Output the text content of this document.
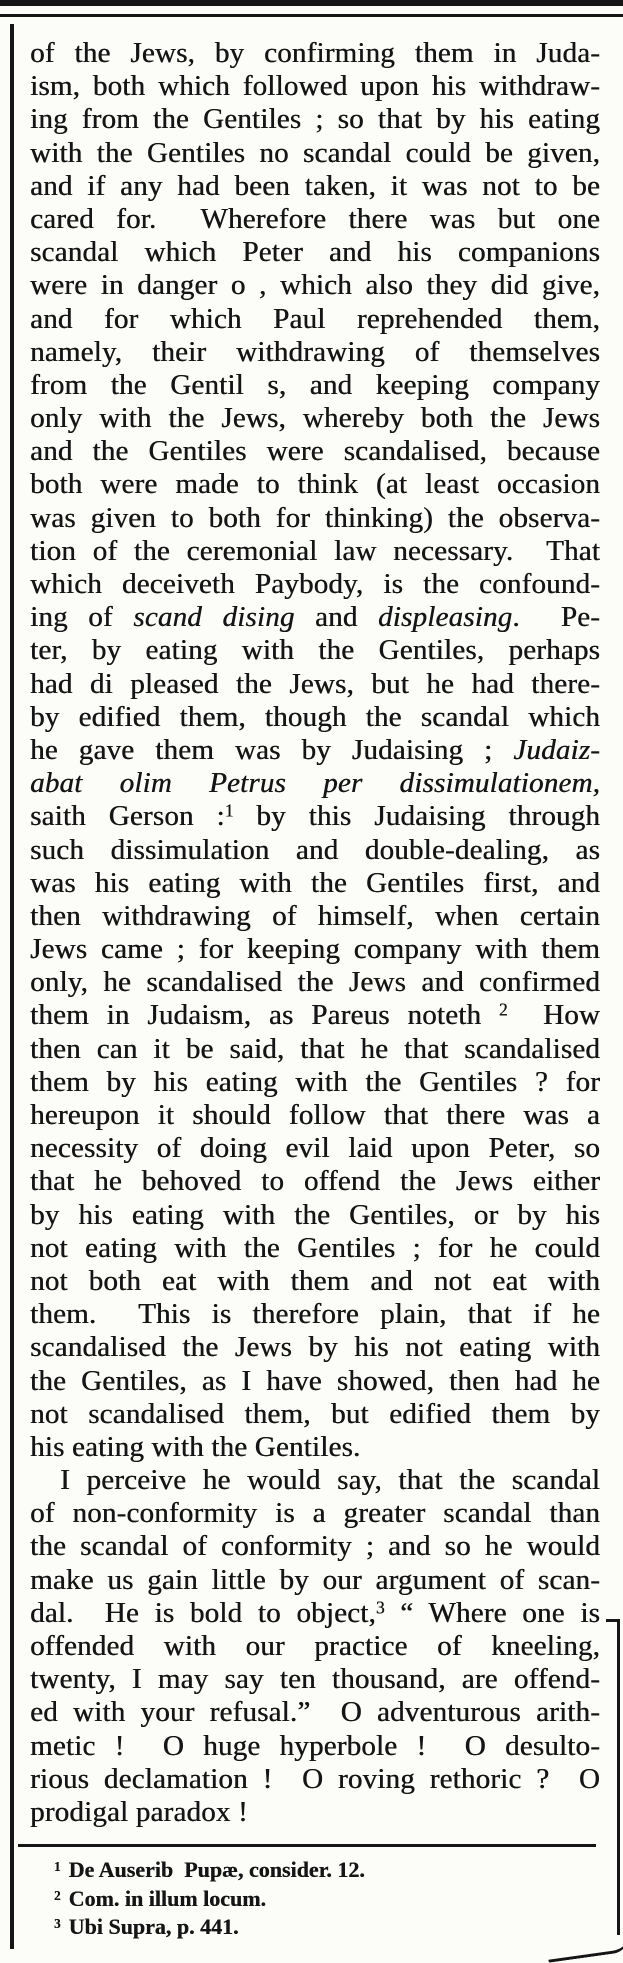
of the Jews, by confirming them in Juda-
ism, both which followed upon his withdraw-
ing from the Gentiles ; so that by his eating
with the Gentiles no scandal could be given,
and if any had been taken, it was not to be
cared for.  Wherefore there was but one
scandal which Peter and his companions
were in danger o , which also they did give,
and for which Paul reprehended them,
namely, their withdrawing of themselves
from the Gentil s, and keeping company
only with the Jews, whereby both the Jews
and the Gentiles were scandalised, because
both were made to think (at least occasion
was given to both for thinking) the observa-
tion of the ceremonial law necessary.  That
which deceiveth Paybody, is the confound-
ing of scand dising and displeasing.  Pe-
ter, by eating with the Gentiles, perhaps
had di pleased the Jews, but he had there-
by edified them, though the scandal which
he gave them was by Judaising ; Judaiz-
abat olim Petrus per dissimulationem,
saith Gerson :$^1$ by this Judaising through
such dissimulation and double-dealing, as
was his eating with the Gentiles first, and
then withdrawing of himself, when certain
Jews came ; for keeping company with them
only, he scandalised the Jews and confirmed
them in Judaism, as Pareus noteth $^2$  How
then can it be said, that he that scandalised
them by his eating with the Gentiles ? for
hereupon it should follow that there was a
necessity of doing evil laid upon Peter, so
that he behoved to offend the Jews either
by his eating with the Gentiles, or by his
not eating with the Gentiles ; for he could
not both eat with them and not eat with
them.  This is therefore plain, that if he
scandalised the Jews by his not eating with
the Gentiles, as I have showed, then had he
not scandalised them, but edified them by
his eating with the Gentiles.
I perceive he would say, that the scandal
of non-conformity is a greater scandal than
the scandal of conformity ; and so he would
make us gain little by our argument of scan-
dal.  He is bold to object,$^3$ “ Where one is
offended with our practice of kneeling,
twenty, I may say ten thousand, are offend-
ed with your refusal.”  O adventurous arith-
metic !  O huge hyperbole !  O desulto-
rious declamation !  O roving rethoric ?  O
prodigal paradox !
$^1$ De Auserib  Pupæ, consider. 12.
$^2$ Com. in illum locum.
$^3$ Ubi Supra, p. 441.
